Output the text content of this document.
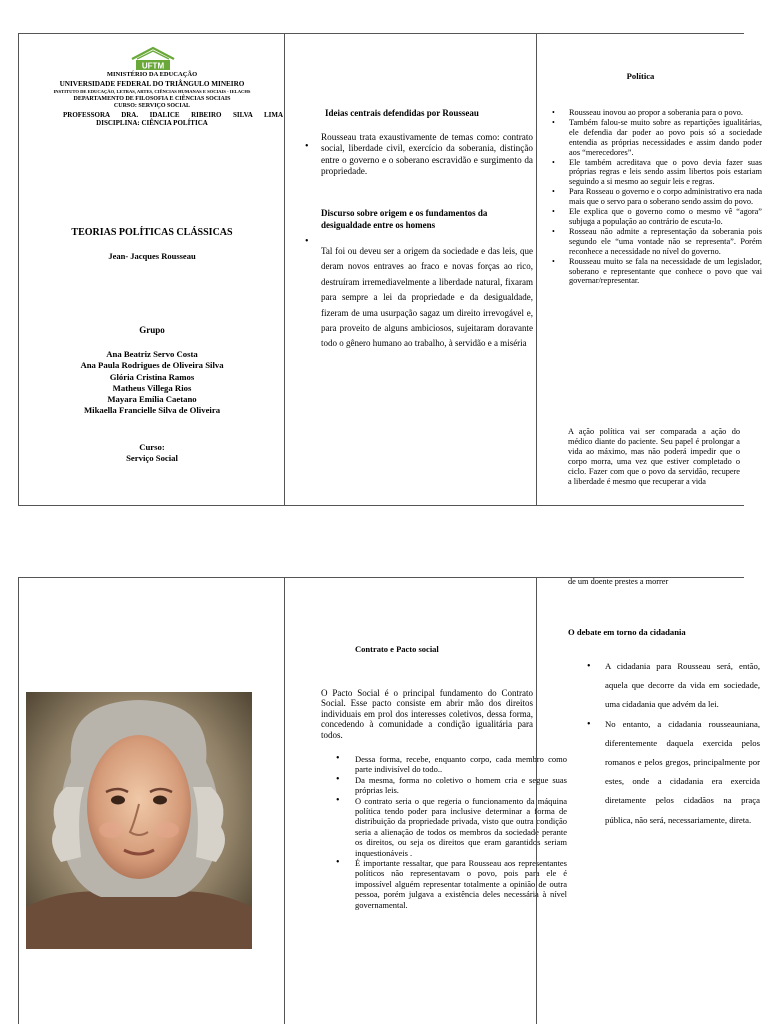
UFTM
MINISTÉRIO DA EDUCAÇÃO
UNIVERSIDADE FEDERAL DO TRIÂNGULO MINEIRO
INSTITUTO DE EDUCAÇÃO, LETRAS, ARTES, CIÊNCIAS HUMANAS E SOCIAIS - IELACHS
DEPARTAMENTO DE FILOSOFIA E CIÊNCIAS SOCIAIS
CURSO: SERVIÇO SOCIAL
PROFESSORA DRA. IDALICE RIBEIRO SILVA LIMA
DISCIPLINA: CIÊNCIA POLÍTICA
TEORIAS POLÍTICAS CLÁSSICAS
Jean- Jacques Rousseau
Grupo
Ana Beatriz Servo Costa
Ana Paula Rodrigues de Oliveira Silva
Glória Cristina Ramos
Matheus Villega Rios
Mayara Emília Caetano
Mikaella Francielle Silva de Oliveira
Curso:
Serviço Social
Ideias centrais defendidas por Rousseau
•
Rousseau trata exaustivamente de temas como: contrato social, liberdade civil, exercício da soberania, distinção entre o governo e o soberano escravidão e surgimento da propriedade.
Discurso sobre origem e os fundamentos da desigualdade entre os homens
•
Tal foi ou deveu ser a origem da sociedade e das leis, que deram novos entraves ao fraco e novas forças ao rico, destruíram irremediavelmente a liberdade natural, fixaram para sempre a lei da propriedade e da desigualdade, fizeram de uma usurpação sagaz um direito irrevogável e, para proveito de alguns ambiciosos, sujeitaram doravante todo o gênero humano ao trabalho, à servidão e a miséria
Política
• Rousseau inovou ao propor a soberania para o povo.
• Também falou-se muito sobre as repartições igualitárias, ele defendia dar poder ao povo pois só a sociedade entendia as próprias necessidades e assim dando poder aos “merecedores”.
• Ele também acreditava que o povo devia fazer suas próprias regras e leis sendo assim libertos pois estariam seguindo a si mesmo ao seguir leis e regras.
• Para Rosseau o governo e o corpo administrativo era nada mais que o servo para o soberano sendo assim do povo.
• Ele explica que o governo como o mesmo vê “agora” subjuga a população ao contrário de escuta-lo.
• Rosseau não admite a representação da soberania pois segundo ele “uma vontade não se representa”. Porém reconhece a necessidade no nível do governo.
• Rousseau muito se fala na necessidade de um legislador, soberano e representante que conhece o povo que vai governar/representar.
A ação política vai ser comparada a ação do médico diante do paciente. Seu papel é prolongar a vida ao máximo, mas não poderá impedir que o corpo morra, uma vez que estiver completado o ciclo. Fazer com que o povo da servidão, recupere a liberdade é mesmo que recuperar a vida
Contrato e Pacto social
O Pacto Social é o principal fundamento do Contrato Social. Esse pacto consiste em abrir mão dos direitos individuais em prol dos interesses coletivos, dessa forma, concedendo à comunidade a condição igualitária para todos.
• Dessa forma, recebe, enquanto corpo, cada membro como parte indivisível do todo..
• Da mesma, forma no coletivo o homem cria e segue suas próprias leis.
• O contrato seria o que regeria o funcionamento da máquina política tendo poder para inclusive determinar a forma de distribuição da propriedade privada, visto que outra condição seria a alienação de todos os membros da sociedade perante os direitos, ou seja os direitos que eram garantidos seriam inquestionáveis .
• É importante ressaltar, que para Rousseau aos representantes políticos não representavam o povo, pois para ele é impossível alguém representar totalmente a opinião de outra pessoa, porém julgava a existência deles necessária à nível governamental.
de um doente prestes a morrer
O debate em torno da cidadania
• A cidadania para Rousseau será, então, aquela que decorre da vida em sociedade, uma cidadania que advém da lei.
• No entanto, a cidadania rousseauniana, diferentemente daquela exercida pelos romanos e pelos gregos, principalmente por estes, onde a cidadania era exercida diretamente pelos cidadãos na praça pública, não será, necessariamente, direta.
